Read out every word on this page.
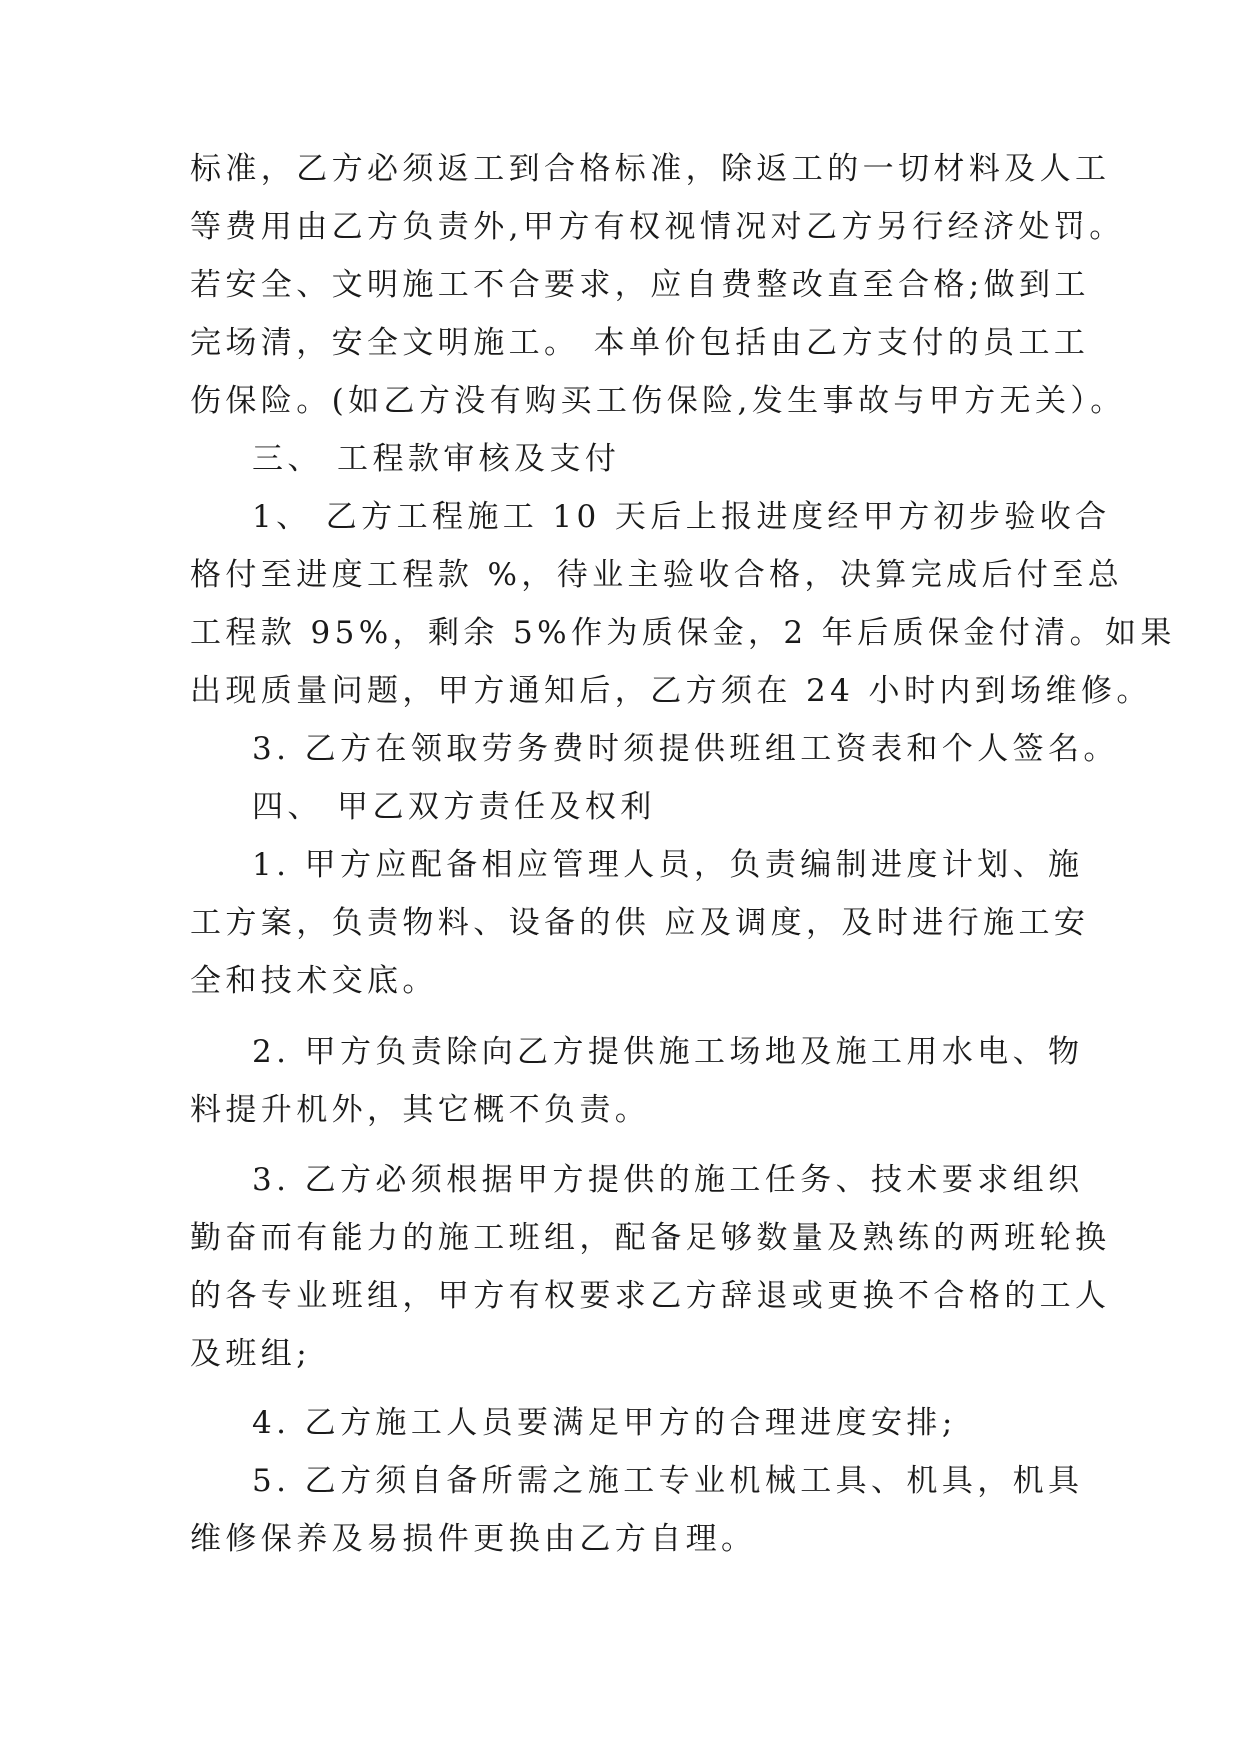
标准，乙方必须返工到合格标准，除返工的一切材料及人工
等费用由乙方负责外,甲方有权视情况对乙方另行经济处罚。
若安全、文明施工不合要求，应自费整改直至合格;做到工
完场清，安全文明施工。 本单价包括由乙方支付的员工工
伤保险。(如乙方没有购买工伤保险,发生事故与甲方无关）。
三、 工程款审核及支付
1、 乙方工程施工 10 天后上报进度经甲方初步验收合
格付至进度工程款 %，待业主验收合格，决算完成后付至总
工程款 95%，剩余 5%作为质保金，2 年后质保金付清。如果
出现质量问题，甲方通知后，乙方须在 24 小时内到场维修。
3. 乙方在领取劳务费时须提供班组工资表和个人签名。
四、 甲乙双方责任及权利
1. 甲方应配备相应管理人员，负责编制进度计划、施
工方案，负责物料、设备的供 应及调度，及时进行施工安
全和技术交底。
2. 甲方负责除向乙方提供施工场地及施工用水电、物
料提升机外，其它概不负责。
3. 乙方必须根据甲方提供的施工任务、技术要求组织
勤奋而有能力的施工班组，配备足够数量及熟练的两班轮换
的各专业班组，甲方有权要求乙方辞退或更换不合格的工人
及班组;
4. 乙方施工人员要满足甲方的合理进度安排;
5. 乙方须自备所需之施工专业机械工具、机具，机具
维修保养及易损件更换由乙方自理。
